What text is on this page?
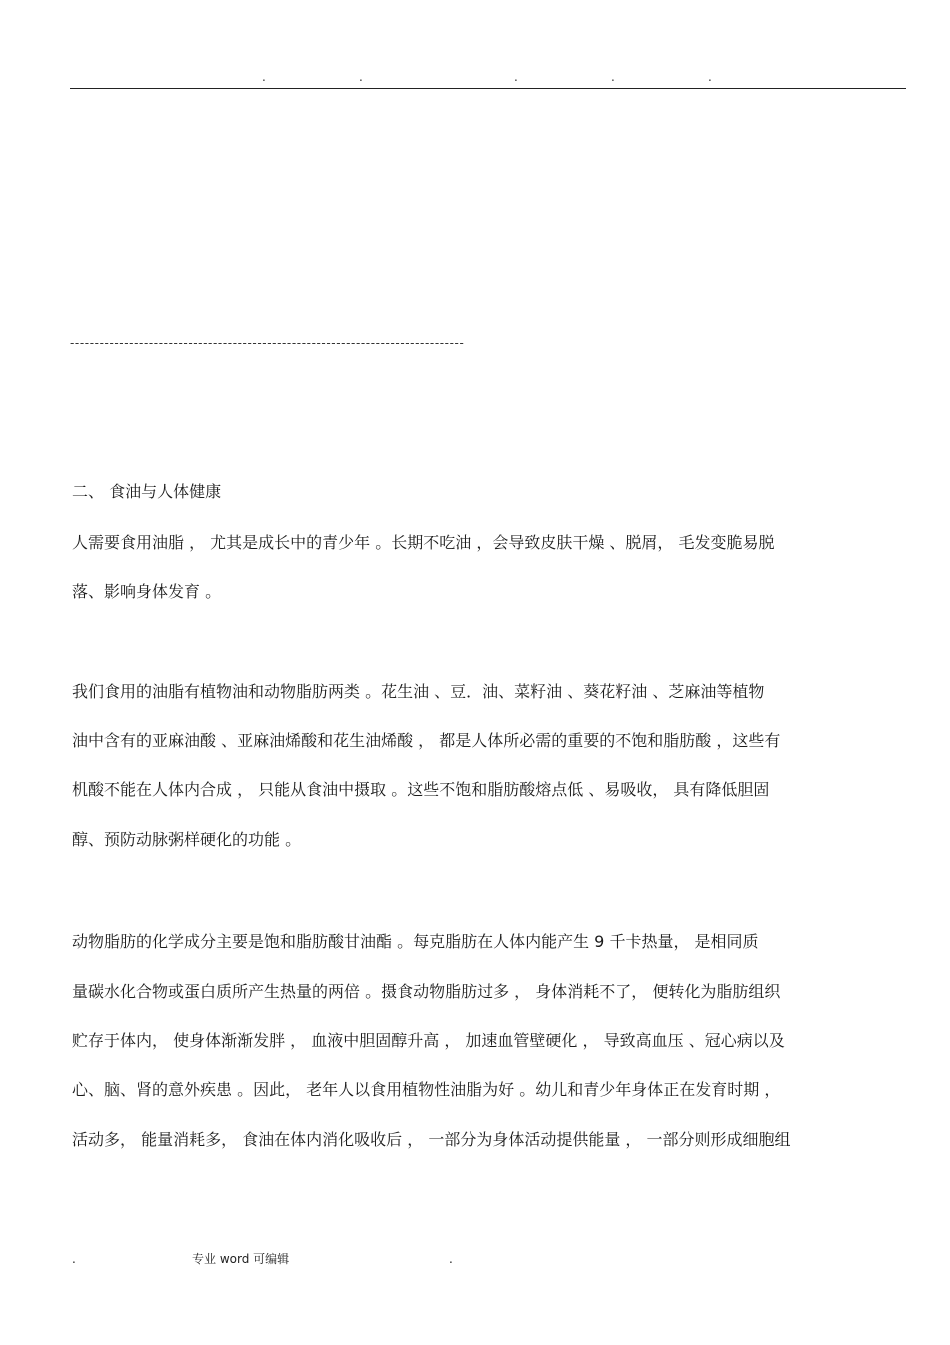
.	.	.	.	.
--------------------------------------------------------------------------------
二、 食油与人体健康
人需要食用油脂 ， 尤其是成长中的青少年 。长期不吃油 ，会导致皮肤干燥 、脱屑， 毛发变脆易脱
落、影响身体发育 。
我们食用的油脂有植物油和动物脂肪两类 。花生油 、豆．油、菜籽油 、葵花籽油 、芝麻油等植物
油中含有的亚麻油酸 、亚麻油烯酸和花生油烯酸 ， 都是人体所必需的重要的不饱和脂肪酸 ，这些有
机酸不能在人体内合成 ， 只能从食油中摄取 。这些不饱和脂肪酸熔点低 、易吸收， 具有降低胆固
醇、预防动脉粥样硬化的功能 。
动物脂肪的化学成分主要是饱和脂肪酸甘油酯 。每克脂肪在人体内能产生 9 千卡热量， 是相同质
量碳水化合物或蛋白质所产生热量的两倍 。摄食动物脂肪过多 ， 身体消耗不了， 便转化为脂肪组织
贮存于体内， 使身体渐渐发胖 ， 血液中胆固醇升高 ， 加速血管壁硬化 ， 导致高血压 、冠心病以及
心、脑、肾的意外疾患 。因此， 老年人以食用植物性油脂为好 。幼儿和青少年身体正在发育时期 ，
活动多， 能量消耗多， 食油在体内消化吸收后 ， 一部分为身体活动提供能量 ， 一部分则形成细胞组
.	专业 word 可编辑	.
